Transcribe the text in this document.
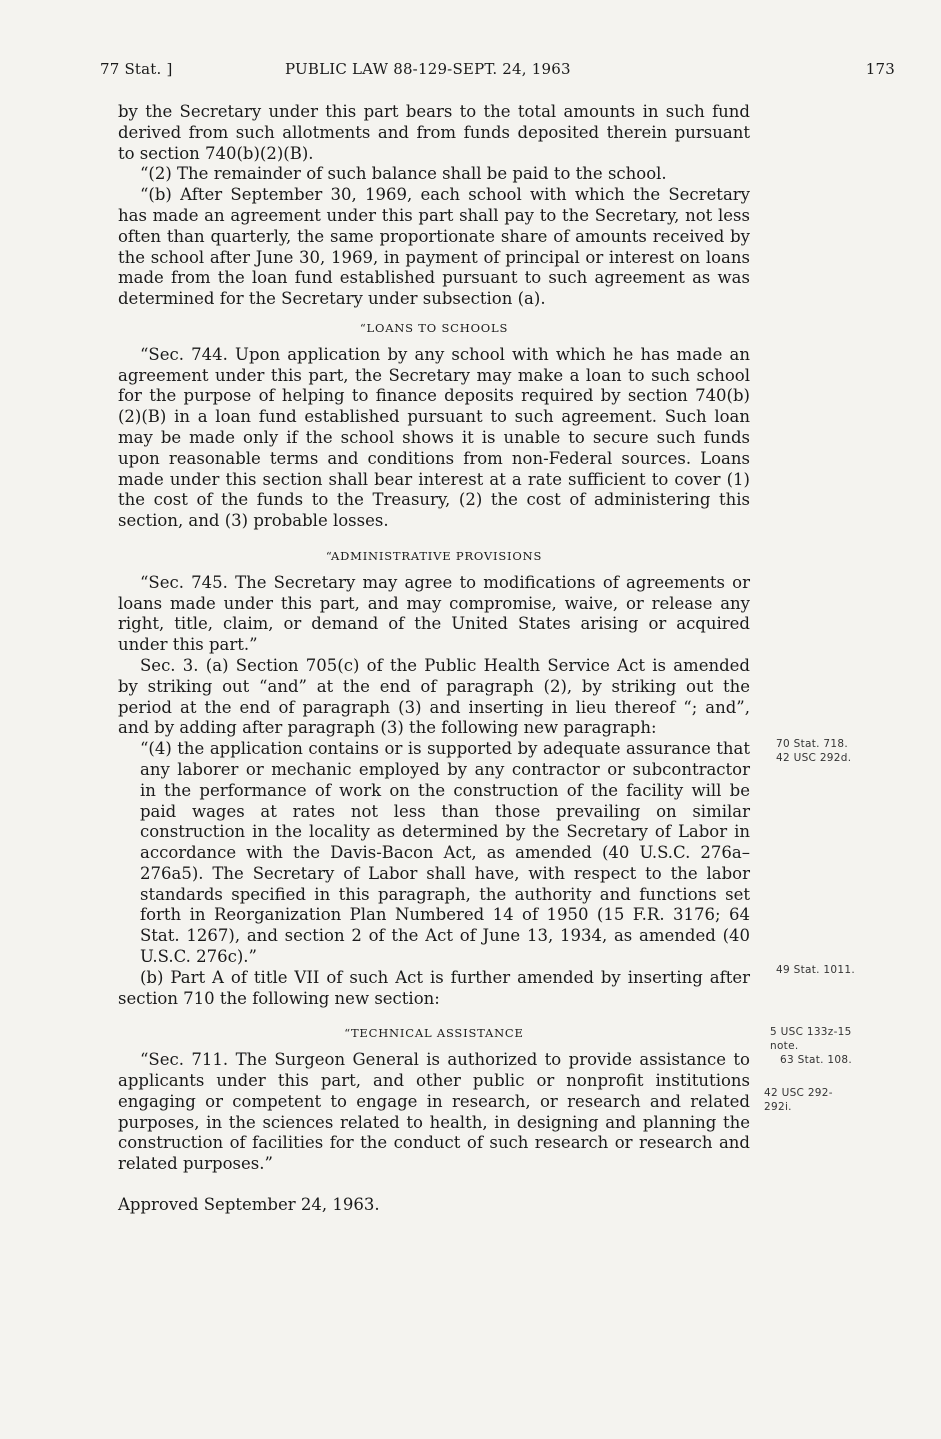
77 Stat. ]	PUBLIC LAW 88-129-SEPT. 24, 1963	173

by the Secretary under this part bears to the total amounts in such fund derived from such allotments and from funds deposited therein pursuant to section 740(b)(2)(B).

“(2) The remainder of such balance shall be paid to the school.

“(b) After September 30, 1969, each school with which the Secretary has made an agreement under this part shall pay to the Secretary, not less often than quarterly, the same proportionate share of amounts received by the school after June 30, 1969, in payment of principal or interest on loans made from the loan fund established pursuant to such agreement as was determined for the Secretary under subsection (a).

“LOANS TO SCHOOLS

“Sec. 744. Upon application by any school with which he has made an agreement under this part, the Secretary may make a loan to such school for the purpose of helping to finance deposits required by section 740(b)(2)(B) in a loan fund established pursuant to such agreement. Such loan may be made only if the school shows it is unable to secure such funds upon reasonable terms and conditions from non-Federal sources. Loans made under this section shall bear interest at a rate sufficient to cover (1) the cost of the funds to the Treasury, (2) the cost of administering this section, and (3) probable losses.

“ADMINISTRATIVE PROVISIONS

“Sec. 745. The Secretary may agree to modifications of agreements or loans made under this part, and may compromise, waive, or release any right, title, claim, or demand of the United States arising or acquired under this part.”

Sec. 3. (a) Section 705(c) of the Public Health Service Act is amended by striking out “and” at the end of paragraph (2), by striking out the period at the end of paragraph (3) and inserting in lieu thereof “; and”, and by adding after paragraph (3) the following new paragraph:

“(4) the application contains or is supported by adequate assurance that any laborer or mechanic employed by any contractor or subcontractor in the performance of work on the construction of the facility will be paid wages at rates not less than those prevailing on similar construction in the locality as determined by the Secretary of Labor in accordance with the Davis-Bacon Act, as amended (40 U.S.C. 276a–276a5). The Secretary of Labor shall have, with respect to the labor standards specified in this paragraph, the authority and functions set forth in Reorganization Plan Numbered 14 of 1950 (15 F.R. 3176; 64 Stat. 1267), and section 2 of the Act of June 13, 1934, as amended (40 U.S.C. 276c).”

(b) Part A of title VII of such Act is further amended by inserting after section 710 the following new section:

“TECHNICAL ASSISTANCE

“Sec. 711. The Surgeon General is authorized to provide assistance to applicants under this part, and other public or nonprofit institutions engaging or competent to engage in research, or research and related purposes, in the sciences related to health, in designing and planning the construction of facilities for the conduct of such research or research and related purposes.”

Approved September 24, 1963.

70 Stat. 718.
42 USC 292d.
49 Stat. 1011.
5 USC 133z-15
note.
63 Stat. 108.
42 USC 292-
292i.
